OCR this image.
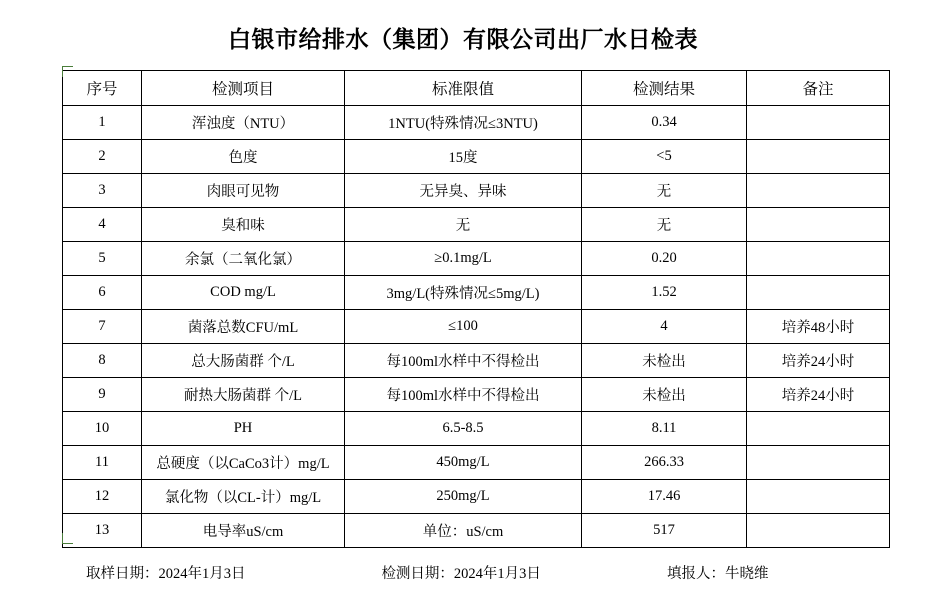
白银市给排水（集团）有限公司出厂水日检表
序号	检测项目	标准限值	检测结果	备注
1	浑浊度（NTU）	1NTU(特殊情况≤3NTU)	0.34	
2	色度	15度	<5	
3	肉眼可见物	无异臭、异味	无	
4	臭和味	无	无	
5	余氯（二氧化氯）	≥0.1mg/L	0.20	
6	COD mg/L	3mg/L(特殊情况≤5mg/L)	1.52	
7	菌落总数CFU/mL	≤100	4	培养48小时
8	总大肠菌群 个/L	每100ml水样中不得检出	未检出	培养24小时
9	耐热大肠菌群 个/L	每100ml水样中不得检出	未检出	培养24小时
10	PH	6.5-8.5	8.11	
11	总硬度（以CaCo3计）mg/L	450mg/L	266.33	
12	氯化物（以CL-计）mg/L	250mg/L	17.46	
13	电导率uS/cm	单位：uS/cm	517	
取样日期：2024年1月3日	检测日期：2024年1月3日	填报人：牛晓维
